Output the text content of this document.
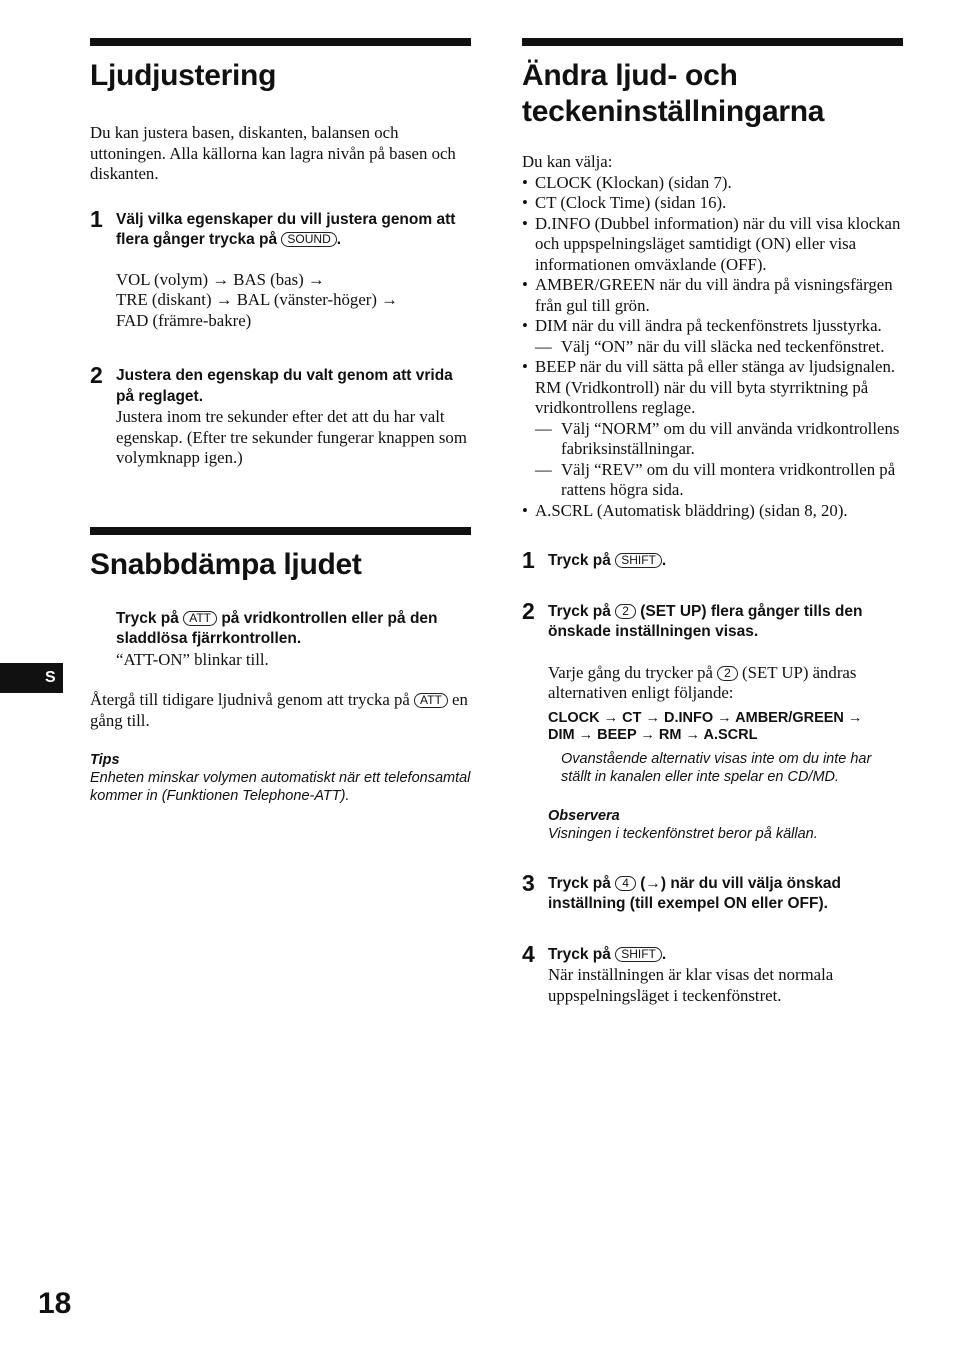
Ljudjustering
Du kan justera basen, diskanten, balansen och uttoningen. Alla källorna kan lagra nivån på basen och diskanten.
1 Välj vilka egenskaper du vill justera genom att flera gånger trycka på SOUND .
VOL (volym) → BAS (bas) →
TRE (diskant) → BAL (vänster-höger) →
FAD (främre-bakre)
2 Justera den egenskap du valt genom att vrida på reglaget.
Justera inom tre sekunder efter det att du har valt egenskap. (Efter tre sekunder fungerar knappen som volymknapp igen.)
Snabbdämpa ljudet
Tryck på ATT på vridkontrollen eller på den sladdlösa fjärrkontrollen.
“ATT-ON” blinkar till.
Återgå till tidigare ljudnivå genom att trycka på ATT en gång till.
Tips
Enheten minskar volymen automatiskt när ett telefonsamtal kommer in (Funktionen Telephone-ATT).
Ändra ljud- och
teckeninställningarna
Du kan välja:
• CLOCK (Klockan) (sidan 7).
• CT (Clock Time) (sidan 16).
• D.INFO (Dubbel information) när du vill visa klockan och uppspelningsläget samtidigt (ON) eller visa informationen omväxlande (OFF).
• AMBER/GREEN när du vill ändra på visningsfärgen från gul till grön.
• DIM när du vill ändra på teckenfönstrets ljusstyrka.
— Välj “ON” när du vill släcka ned teckenfönstret.
• BEEP när du vill sätta på eller stänga av ljudsignalen.
RM (Vridkontroll) när du vill byta styrriktning på vridkontrollens reglage.
— Välj “NORM” om du vill använda vridkontrollens fabriksinställningar.
— Välj “REV” om du vill montera vridkontrollen på rattens högra sida.
• A.SCRL (Automatisk bläddring) (sidan 8, 20).
1 Tryck på SHIFT .
2 Tryck på 2 (SET UP) flera gånger tills den önskade inställningen visas.
Varje gång du trycker på 2 (SET UP) ändras alternativen enligt följande:
CLOCK → CT → D.INFO → AMBER/GREEN →
DIM → BEEP → RM → A.SCRL
Ovanstående alternativ visas inte om du inte har ställt in kanalen eller inte spelar en CD/MD.
Observera
Visningen i teckenfönstret beror på källan.
3 Tryck på 4 (→) när du vill välja önskad inställning (till exempel ON eller OFF).
4 Tryck på SHIFT .
När inställningen är klar visas det normala uppspelningsläget i teckenfönstret.
S
18
